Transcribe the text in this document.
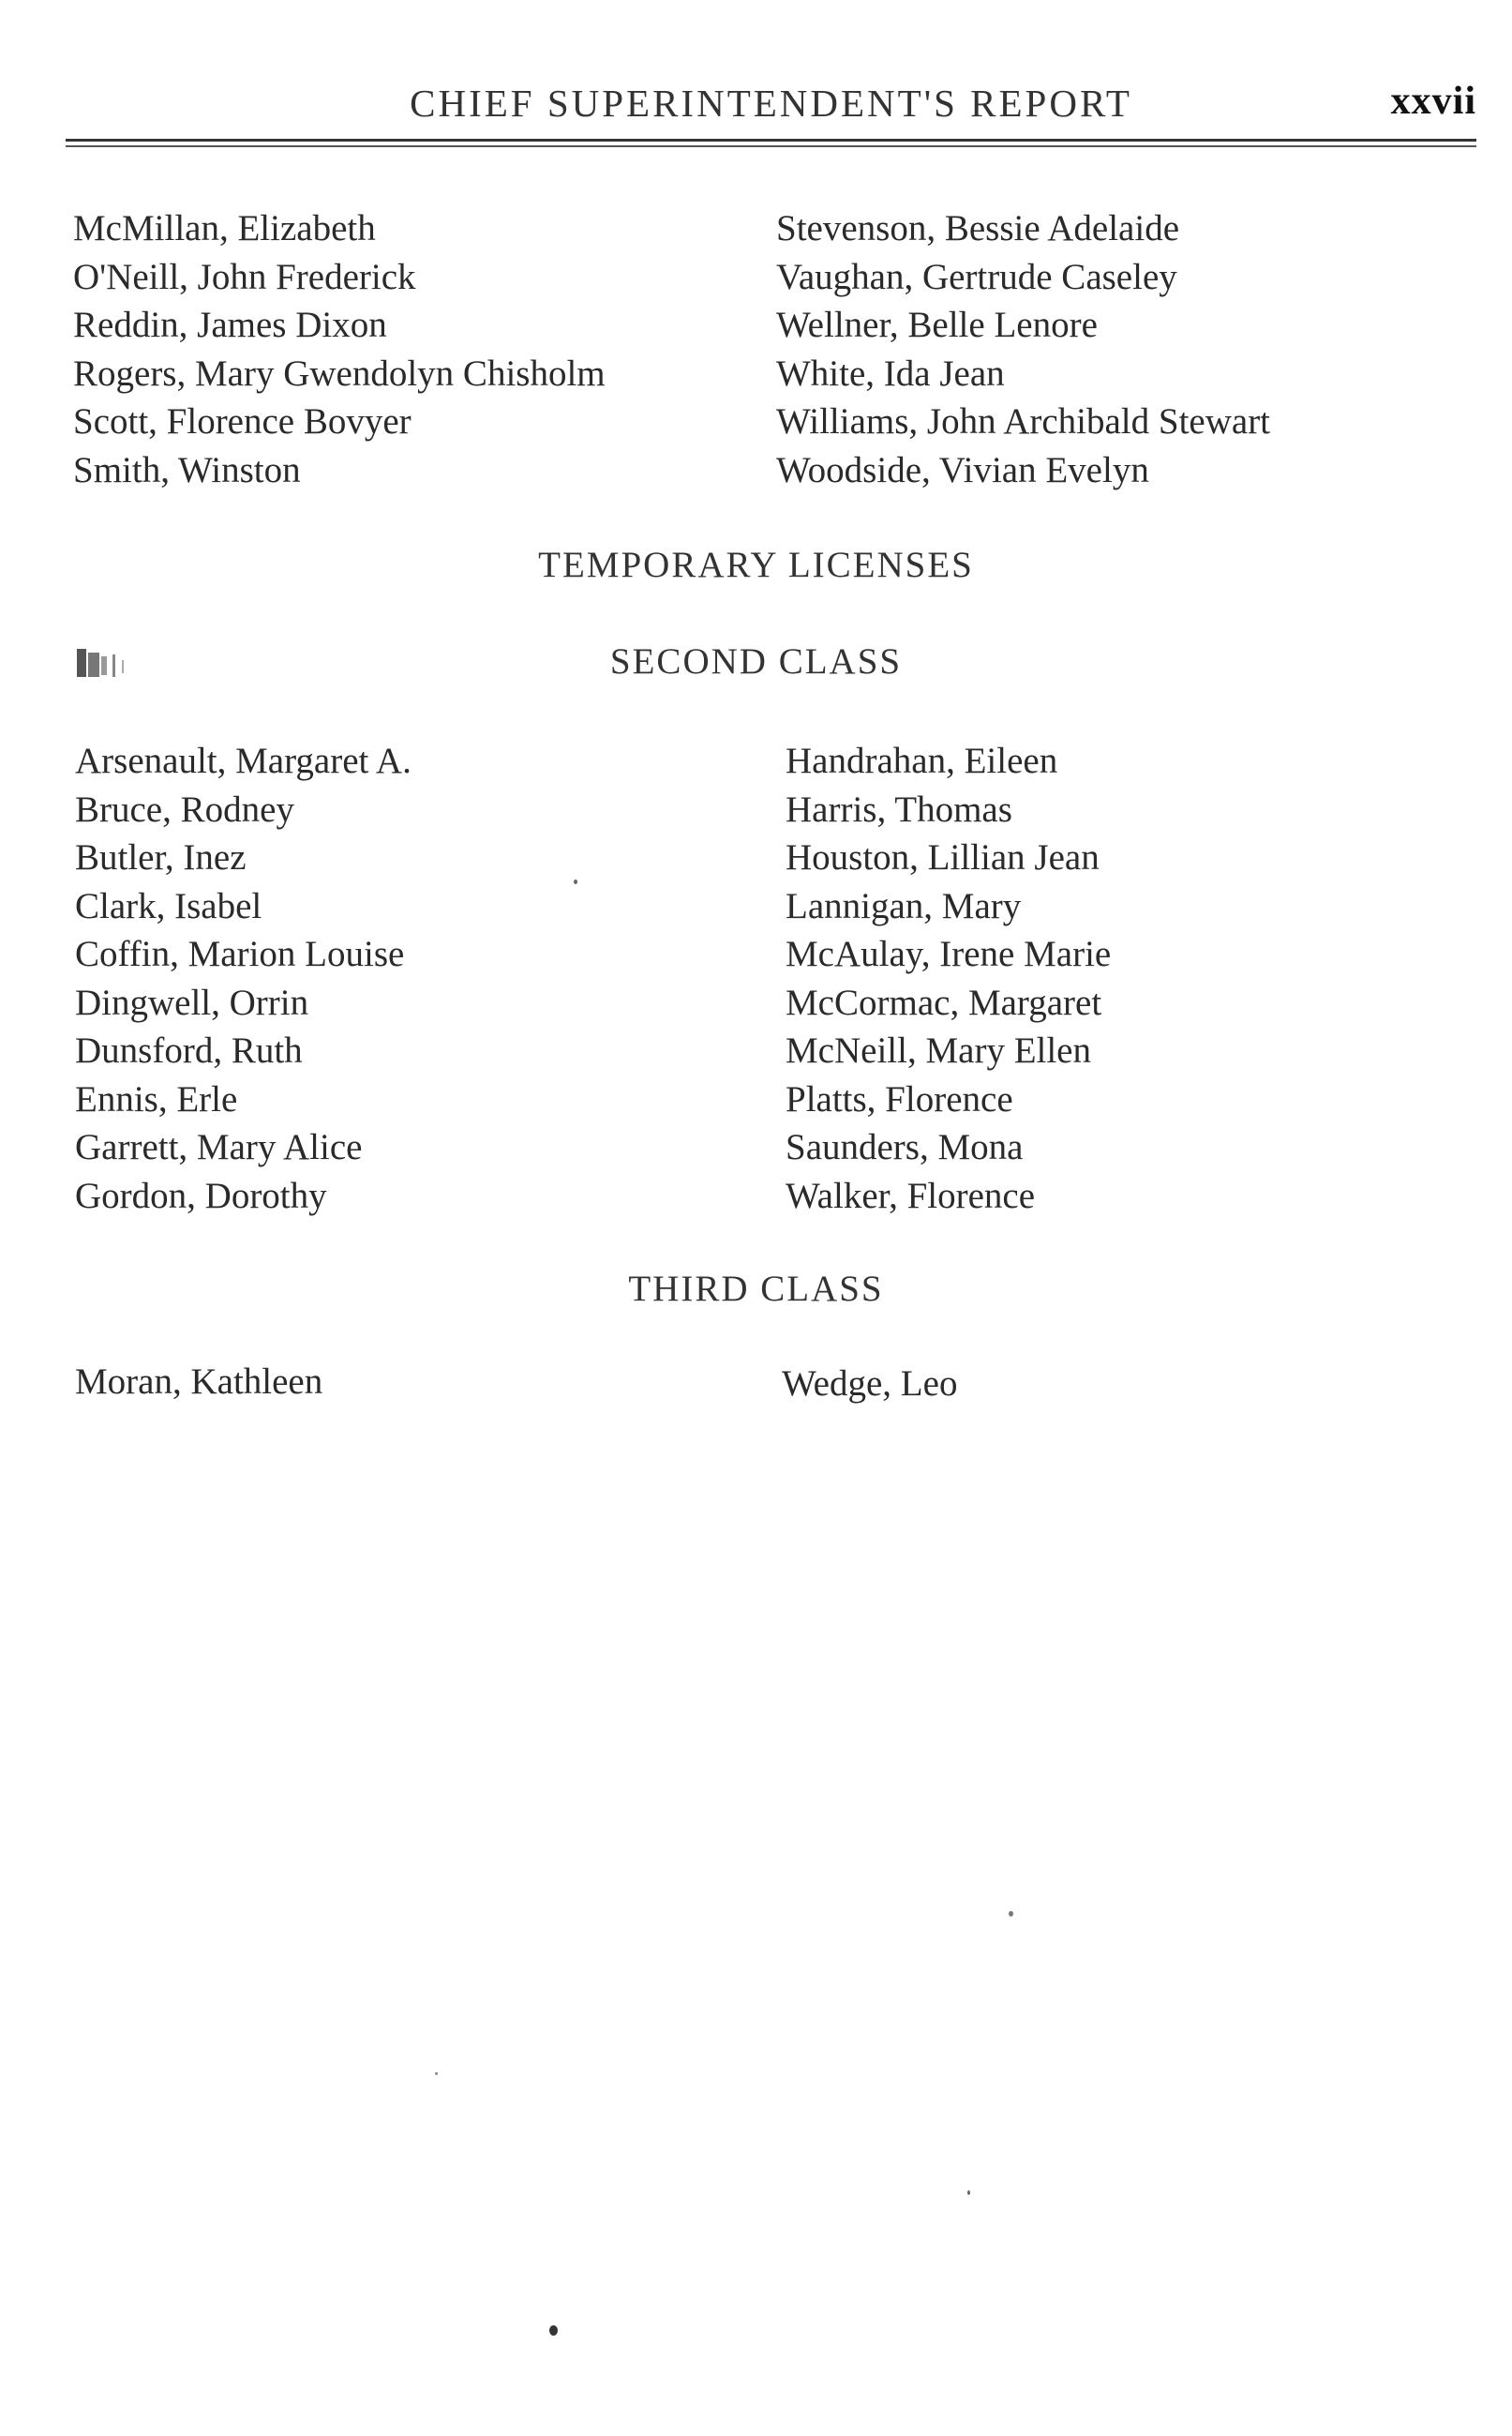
CHIEF SUPERINTENDENT'S REPORT	xxvii
McMillan, Elizabeth
O'Neill, John Frederick
Reddin, James Dixon
Rogers, Mary Gwendolyn Chisholm
Scott, Florence Bovyer
Smith, Winston
Stevenson, Bessie Adelaide
Vaughan, Gertrude Caseley
Wellner, Belle Lenore
White, Ida Jean
Williams, John Archibald Stewart
Woodside, Vivian Evelyn
TEMPORARY LICENSES
SECOND CLASS
Arsenault, Margaret A.
Bruce, Rodney
Butler, Inez
Clark, Isabel
Coffin, Marion Louise
Dingwell, Orrin
Dunsford, Ruth
Ennis, Erle
Garrett, Mary Alice
Gordon, Dorothy
Handrahan, Eileen
Harris, Thomas
Houston, Lillian Jean
Lannigan, Mary
McAulay, Irene Marie
McCormac, Margaret
McNeill, Mary Ellen
Platts, Florence
Saunders, Mona
Walker, Florence
THIRD CLASS
Moran, Kathleen	Wedge, Leo
